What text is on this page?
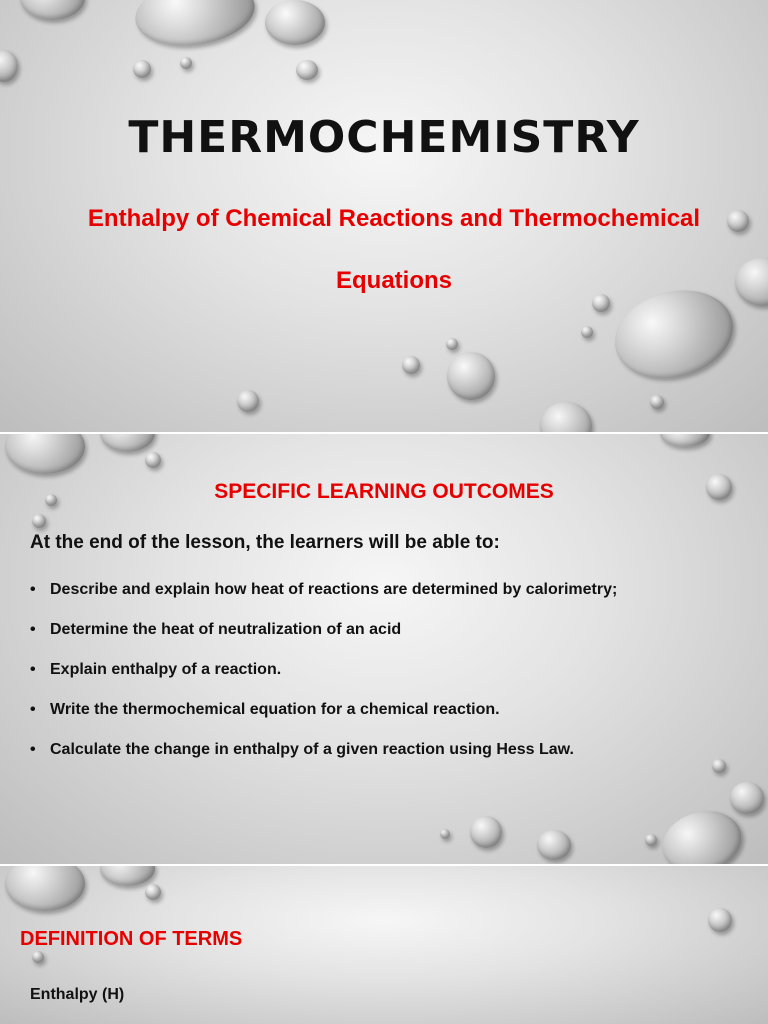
THERMOCHEMISTRY
Enthalpy of Chemical Reactions and Thermochemical
Equations
SPECIFIC LEARNING OUTCOMES
At the end of the lesson, the learners will be able to:
• Describe and explain how heat of reactions are determined by calorimetry;
• Determine the heat of neutralization of an acid
• Explain enthalpy of a reaction.
• Write the thermochemical equation for a chemical reaction.
• Calculate the change in enthalpy of a given reaction using Hess Law.
DEFINITION OF TERMS
Enthalpy (H)
